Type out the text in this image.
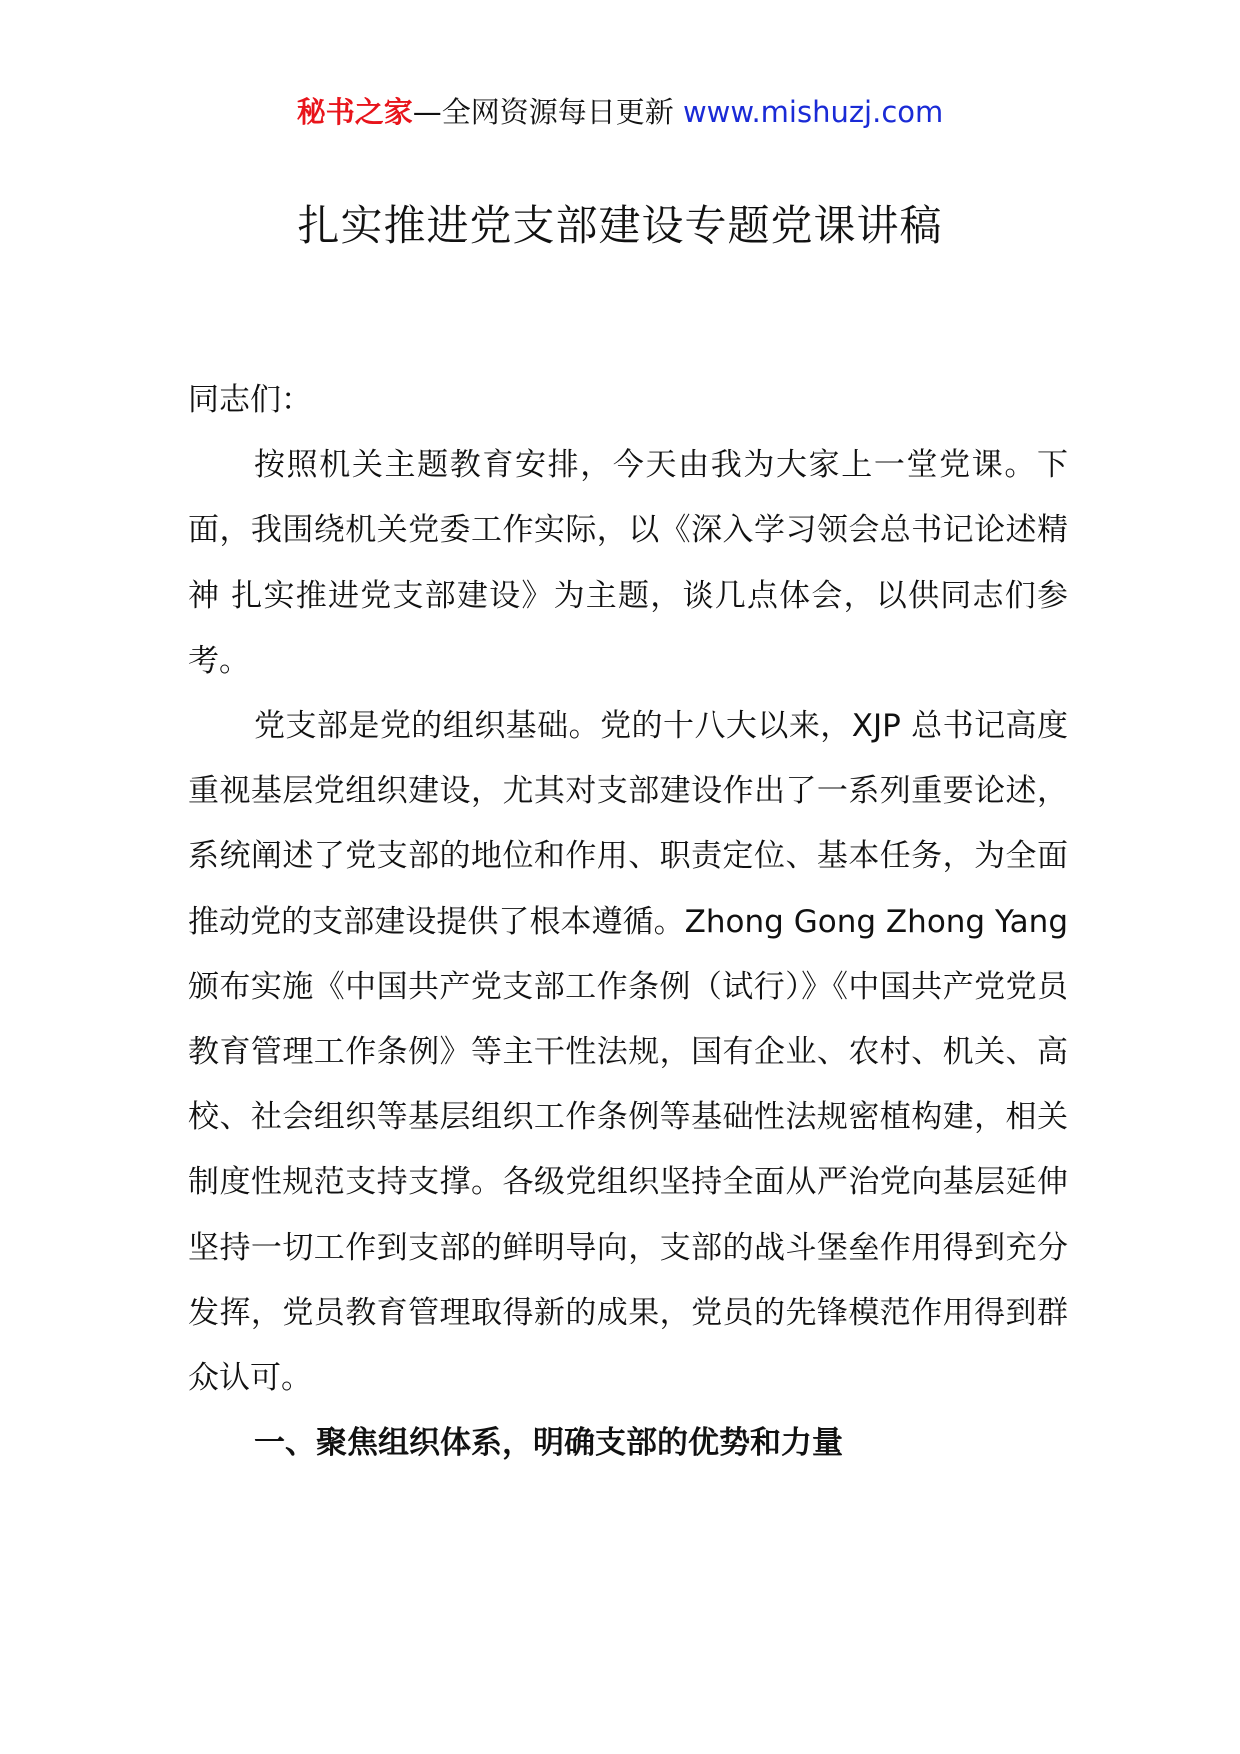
秘书之家—全网资源每日更新 www.mishuzj.com
扎实推进党支部建设专题党课讲稿

同志们：

按照机关主题教育安排，今天由我为大家上一堂党课。下面，我围绕机关党委工作实际，以《深入学习领会总书记论述精神 扎实推进党支部建设》为主题，谈几点体会，以供同志们参考。

党支部是党的组织基础。党的十八大以来，XJP 总书记高度重视基层党组织建设，尤其对支部建设作出了一系列重要论述，系统阐述了党支部的地位和作用、职责定位、基本任务，为全面推动党的支部建设提供了根本遵循。Zhong Gong Zhong Yang 颁布实施《中国共产党支部工作条例（试行）》《中国共产党党员教育管理工作条例》等主干性法规，国有企业、农村、机关、高校、社会组织等基层组织工作条例等基础性法规密植构建，相关制度性规范支持支撑。各级党组织坚持全面从严治党向基层延伸坚持一切工作到支部的鲜明导向，支部的战斗堡垒作用得到充分发挥，党员教育管理取得新的成果，党员的先锋模范作用得到群众认可。

一、聚焦组织体系，明确支部的优势和力量
